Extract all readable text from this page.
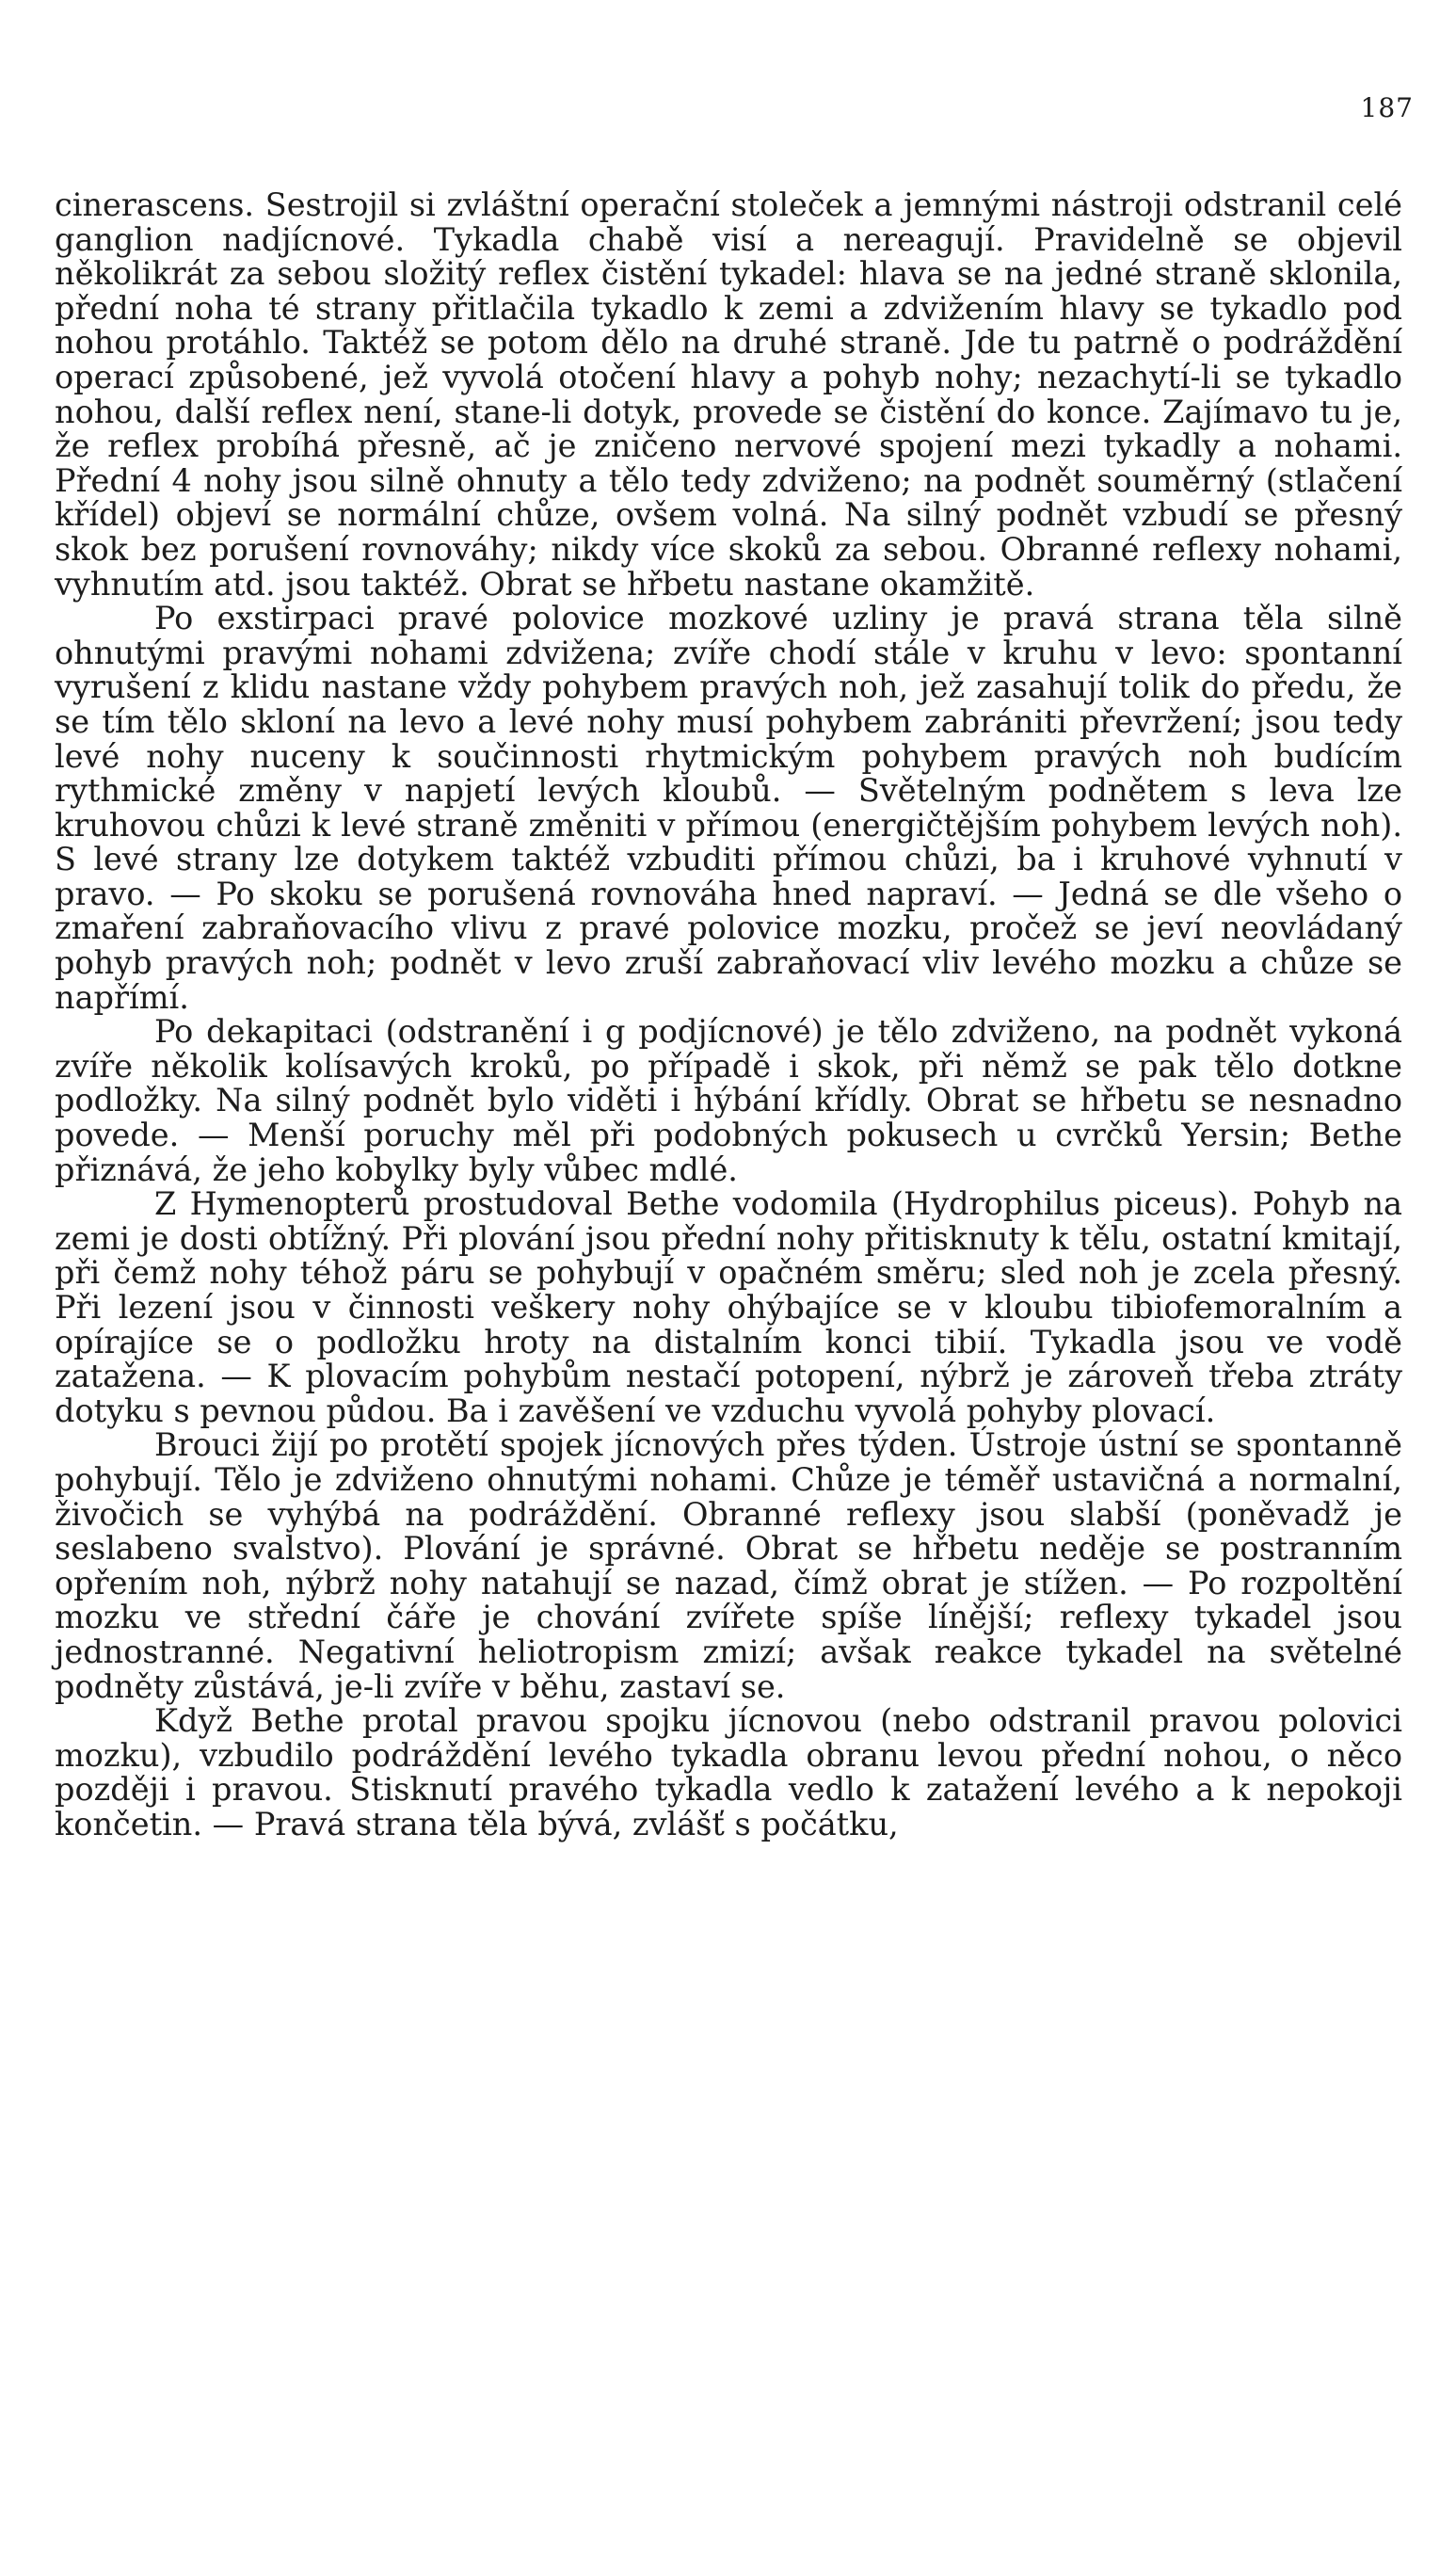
187

cinerascens. Sestrojil si zvláštní operační stoleček a jemnými nástroji odstranil celé ganglion nadjícnové. Tykadla chabě visí a nereagují. Pravidelně se objevil několikrát za sebou složitý reflex čistění tykadel: hlava se na jedné straně sklonila, přední noha té strany přitlačila tykadlo k zemi a zdvižením hlavy se tykadlo pod nohou protáhlo. Taktéž se potom dělo na druhé straně. Jde tu patrně o podráždění operací způsobené, jež vyvolá otočení hlavy a pohyb nohy; nezachytí-li se tykadlo nohou, další reflex není, stane-li dotyk, provede se čistění do konce. Zajímavo tu je, že reflex probíhá přesně, ač je zničeno nervové spojení mezi tykadly a nohami. Přední 4 nohy jsou silně ohnuty a tělo tedy zdviženo; na podnět souměrný (stlačení křídel) objeví se normální chůze, ovšem volná. Na silný podnět vzbudí se přesný skok bez porušení rovnováhy; nikdy více skoků za sebou. Obranné reflexy nohami, vyhnutím atd. jsou taktéž. Obrat se hřbetu nastane okamžitě.

Po exstirpaci pravé polovice mozkové uzliny je pravá strana těla silně ohnutými pravými nohami zdvižena; zvíře chodí stále v kruhu v levo: spontanní vyrušení z klidu nastane vždy pohybem pravých noh, jež zasahují tolik do předu, že se tím tělo skloní na levo a levé nohy musí pohybem zabrániti převržení; jsou tedy levé nohy nuceny k součinnosti rhytmickým pohybem pravých noh budícím rythmické změny v napjetí levých kloubů. — Světelným podnětem s leva lze kruhovou chůzi k levé straně změniti v přímou (energičtějším pohybem levých noh). S levé strany lze dotykem taktéž vzbuditi přímou chůzi, ba i kruhové vyhnutí v pravo. — Po skoku se porušená rovnováha hned napraví. — Jedná se dle všeho o zmaření zabraňovacího vlivu z pravé polovice mozku, pročež se jeví neovládaný pohyb pravých noh; podnět v levo zruší zabraňovací vliv levého mozku a chůze se napřímí.

Po dekapitaci (odstranění i g podjícnové) je tělo zdviženo, na podnět vykoná zvíře několik kolísavých kroků, po případě i skok, při němž se pak tělo dotkne podložky. Na silný podnět bylo viděti i hýbání křídly. Obrat se hřbetu se nesnadno povede. — Menší poruchy měl při podobných pokusech u cvrčků Yersin; Bethe přiznává, že jeho kobylky byly vůbec mdlé.

Z Hymenopterů prostudoval Bethe vodomila (Hydrophilus piceus). Pohyb na zemi je dosti obtížný. Při plování jsou přední nohy přitisknuty k tělu, ostatní kmitají, při čemž nohy téhož páru se pohybují v opačném směru; sled noh je zcela přesný. Při lezení jsou v činnosti veškery nohy ohýbajíce se v kloubu tibiofemoralním a opírajíce se o podložku hroty na distalním konci tibií. Tykadla jsou ve vodě zatažena. — K plovacím pohybům nestačí potopení, nýbrž je zároveň třeba ztráty dotyku s pevnou půdou. Ba i zavěšení ve vzduchu vyvolá pohyby plovací.

Brouci žijí po protětí spojek jícnových přes týden. Ústroje ústní se spontanně pohybují. Tělo je zdviženo ohnutými nohami. Chůze je téměř ustavičná a normalní, živočich se vyhýbá na podráždění. Obranné reflexy jsou slabší (poněvadž je seslabeno svalstvo). Plování je správné. Obrat se hřbetu neděje se postranním opřením noh, nýbrž nohy natahují se nazad, čímž obrat je stížen. — Po rozpoltění mozku ve střední čáře je chování zvířete spíše línější; reflexy tykadel jsou jednostranné. Negativní heliotropism zmizí; avšak reakce tykadel na světelné podněty zůstává, je-li zvíře v běhu, zastaví se.

Když Bethe protal pravou spojku jícnovou (nebo odstranil pravou polovici mozku), vzbudilo podráždění levého tykadla obranu levou přední nohou, o něco později i pravou. Stisknutí pravého tykadla vedlo k zatažení levého a k nepokoji končetin. — Pravá strana těla bývá, zvlášť s počátku,
